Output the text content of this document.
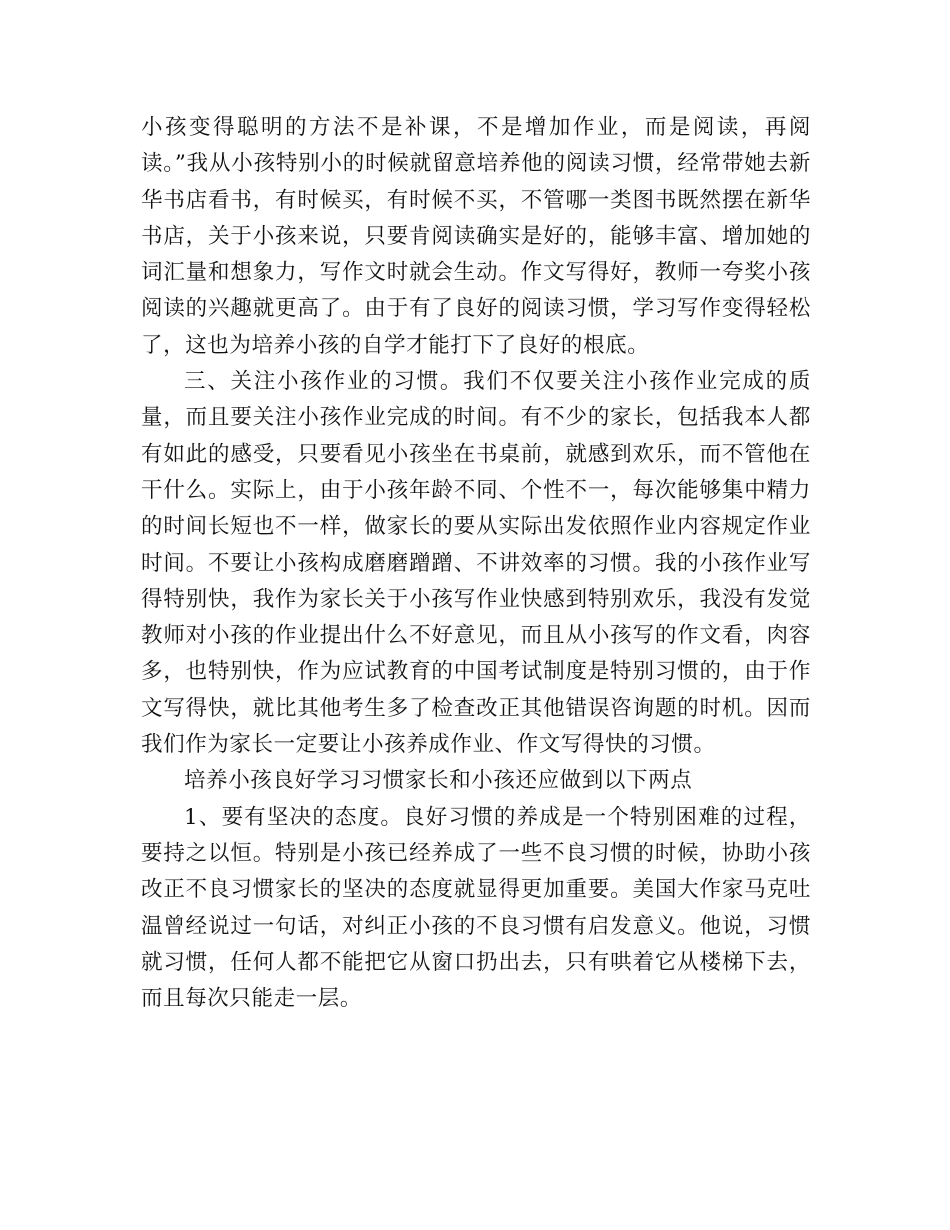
小孩变得聪明的方法不是补课，不是增加作业，而是阅读，再阅读。”我从小孩特别小的时候就留意培养他的阅读习惯，经常带她去新华书店看书，有时候买，有时候不买，不管哪一类图书既然摆在新华书店，关于小孩来说，只要肯阅读确实是好的，能够丰富、增加她的词汇量和想象力，写作文时就会生动。作文写得好，教师一夸奖小孩阅读的兴趣就更高了。由于有了良好的阅读习惯，学习写作变得轻松了，这也为培养小孩的自学才能打下了良好的根底。

三、关注小孩作业的习惯。我们不仅要关注小孩作业完成的质量，而且要关注小孩作业完成的时间。有不少的家长，包括我本人都有如此的感受，只要看见小孩坐在书桌前，就感到欢乐，而不管他在干什么。实际上，由于小孩年龄不同、个性不一，每次能够集中精力的时间长短也不一样，做家长的要从实际出发依照作业内容规定作业时间。不要让小孩构成磨磨蹭蹭、不讲效率的习惯。我的小孩作业写得特别快，我作为家长关于小孩写作业快感到特别欢乐，我没有发觉教师对小孩的作业提出什么不好意见，而且从小孩写的作文看，肉容多，也特别快，作为应试教育的中国考试制度是特别习惯的，由于作文写得快，就比其他考生多了检查改正其他错误咨询题的时机。因而我们作为家长一定要让小孩养成作业、作文写得快的习惯。

培养小孩良好学习习惯家长和小孩还应做到以下两点

1、要有坚决的态度。良好习惯的养成是一个特别困难的过程，要持之以恒。特别是小孩已经养成了一些不良习惯的时候，协助小孩改正不良习惯家长的坚决的态度就显得更加重要。美国大作家马克吐温曾经说过一句话，对纠正小孩的不良习惯有启发意义。他说，习惯就习惯，任何人都不能把它从窗口扔出去，只有哄着它从楼梯下去，而且每次只能走一层。
